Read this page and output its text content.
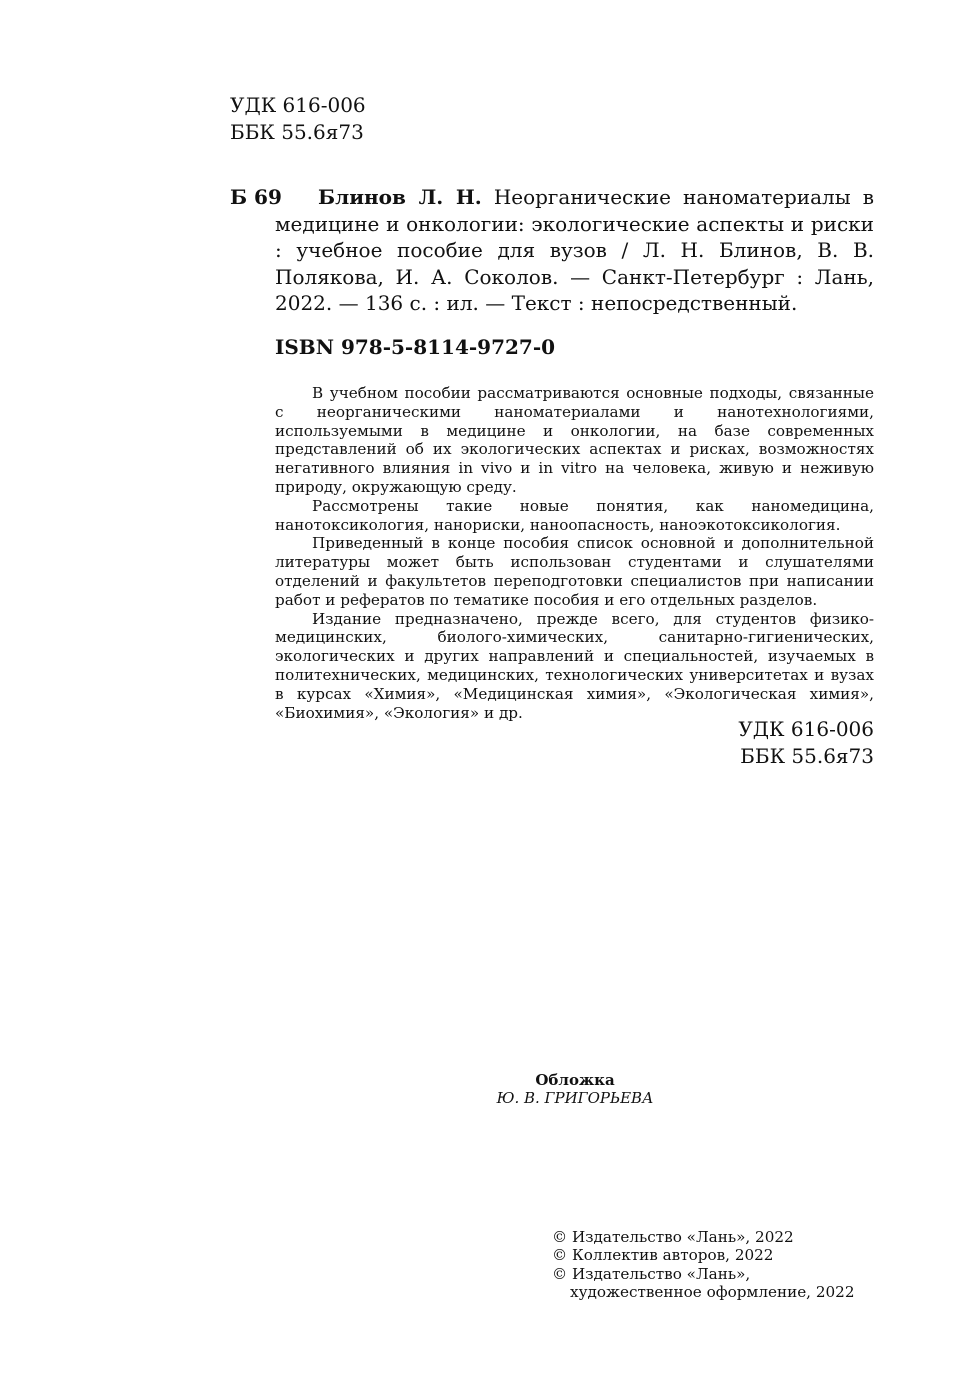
УДК 616-006
ББК 55.6я73
Б 69	Блинов Л. Н. Неорганические наноматериалы в медицине и онкологии: экологические аспекты и риски : учебное пособие для вузов / Л. Н. Блинов, В. В. Полякова, И. А. Соколов. — Санкт-Петербург : Лань, 2022. — 136 с. : ил. — Текст : непосредственный.
ISBN 978-5-8114-9727-0

В учебном пособии рассматриваются основные подходы, связанные с неорганическими наноматериалами и нанотехнологиями, используемыми в медицине и онкологии, на базе современных представлений об их экологических аспектах и рисках, возможностях негативного влияния in vivo и in vitro на человека, живую и неживую природу, окружающую среду.

Рассмотрены такие новые понятия, как наномедицина, нанотоксикология, нанориски, наноопасность, наноэкотоксикология.

Приведенный в конце пособия список основной и дополнительной литературы может быть использован студентами и слушателями отделений и факультетов переподготовки специалистов при написании работ и рефератов по тематике пособия и его отдельных разделов.

Издание предназначено, прежде всего, для студентов физико-медицинских, биолого-химических, санитарно-гигиенических, экологических и других направлений и специальностей, изучаемых в политехнических, медицинских, технологических университетах и вузах в курсах «Химия», «Медицинская химия», «Экологическая химия», «Биохимия», «Экология» и др.

УДК 616-006
ББК 55.6я73
Обложка
Ю. В. ГРИГОРЬЕВА
© Издательство «Лань», 2022
© Коллектив авторов, 2022
© Издательство «Лань»,
художественное оформление, 2022
